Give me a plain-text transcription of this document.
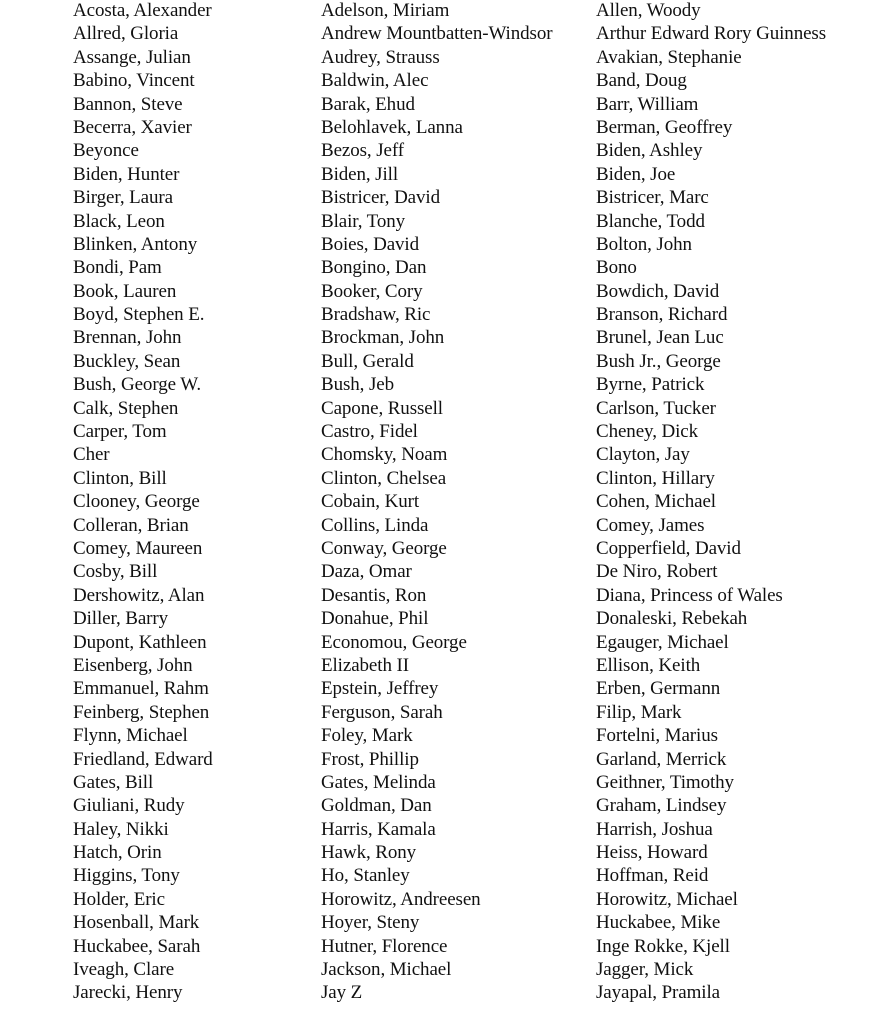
Acosta, Alexander
Allred, Gloria
Assange, Julian
Babino, Vincent
Bannon, Steve
Becerra, Xavier
Beyonce
Biden, Hunter
Birger, Laura
Black, Leon
Blinken, Antony
Bondi, Pam
Book, Lauren
Boyd, Stephen E.
Brennan, John
Buckley, Sean
Bush, George W.
Calk, Stephen
Carper, Tom
Cher
Clinton, Bill
Clooney, George
Colleran, Brian
Comey, Maureen
Cosby, Bill
Dershowitz, Alan
Diller, Barry
Dupont, Kathleen
Eisenberg, John
Emmanuel, Rahm
Feinberg, Stephen
Flynn, Michael
Friedland, Edward
Gates, Bill
Giuliani, Rudy
Haley, Nikki
Hatch, Orin
Higgins, Tony
Holder, Eric
Hosenball, Mark
Huckabee, Sarah
Iveagh, Clare
Jarecki, Henry
Adelson, Miriam
Andrew Mountbatten-Windsor
Audrey, Strauss
Baldwin, Alec
Barak, Ehud
Belohlavek, Lanna
Bezos, Jeff
Biden, Jill
Bistricer, David
Blair, Tony
Boies, David
Bongino, Dan
Booker, Cory
Bradshaw, Ric
Brockman, John
Bull, Gerald
Bush, Jeb
Capone, Russell
Castro, Fidel
Chomsky, Noam
Clinton, Chelsea
Cobain, Kurt
Collins, Linda
Conway, George
Daza, Omar
Desantis, Ron
Donahue, Phil
Economou, George
Elizabeth II
Epstein, Jeffrey
Ferguson, Sarah
Foley, Mark
Frost, Phillip
Gates, Melinda
Goldman, Dan
Harris, Kamala
Hawk, Rony
Ho, Stanley
Horowitz, Andreesen
Hoyer, Steny
Hutner, Florence
Jackson, Michael
Jay Z
Allen, Woody
Arthur Edward Rory Guinness
Avakian, Stephanie
Band, Doug
Barr, William
Berman, Geoffrey
Biden, Ashley
Biden, Joe
Bistricer, Marc
Blanche, Todd
Bolton, John
Bono
Bowdich, David
Branson, Richard
Brunel, Jean Luc
Bush Jr., George
Byrne, Patrick
Carlson, Tucker
Cheney, Dick
Clayton, Jay
Clinton, Hillary
Cohen, Michael
Comey, James
Copperfield, David
De Niro, Robert
Diana, Princess of Wales
Donaleski, Rebekah
Egauger, Michael
Ellison, Keith
Erben, Germann
Filip, Mark
Fortelni, Marius
Garland, Merrick
Geithner, Timothy
Graham, Lindsey
Harrish, Joshua
Heiss, Howard
Hoffman, Reid
Horowitz, Michael
Huckabee, Mike
Inge Rokke, Kjell
Jagger, Mick
Jayapal, Pramila
